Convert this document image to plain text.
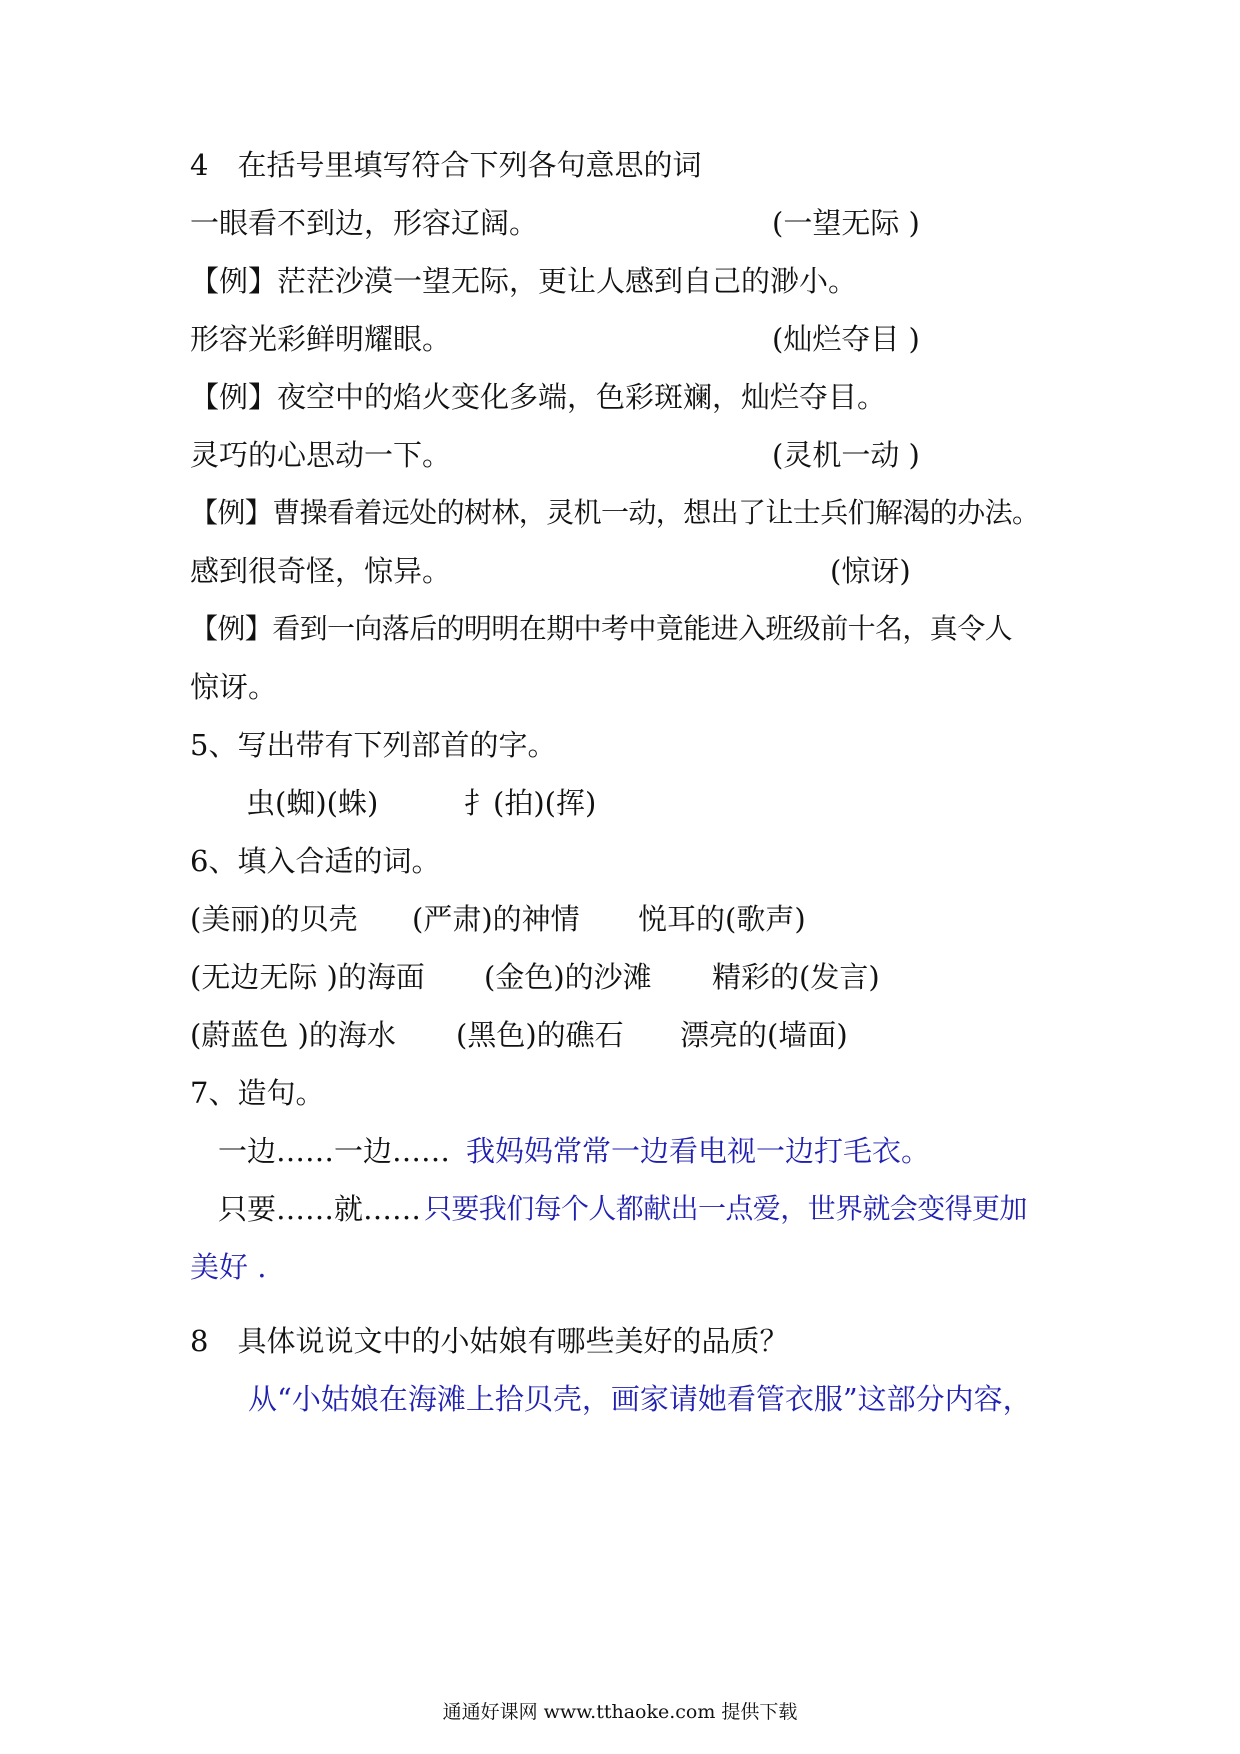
4　在括号里填写符合下列各句意思的词
一眼看不到边，形容辽阔。	(一望无际 )
【例】茫茫沙漠一望无际，更让人感到自己的渺小。
形容光彩鲜明耀眼。	(灿烂夺目 )
【例】夜空中的焰火变化多端，色彩斑斓，灿烂夺目。
灵巧的心思动一下。	(灵机一动 )
【例】曹操看着远处的树林，灵机一动，想出了让士兵们解渴的办法。
感到很奇怪，惊异。	(惊讶)
【例】看到一向落后的明明在期中考中竟能进入班级前十名，真令人
惊讶。
5、写出带有下列部首的字。
虫(蜘)(蛛)	扌(拍)(挥)
6、填入合适的词。
(美丽)的贝壳 (严肃)的神情 悦耳的(歌声)
(无边无际 )的海面 (金色)的沙滩 精彩的(发言)
(蔚蓝色 )的海水 (黑色)的礁石 漂亮的(墙面)
7、造句。
一边……一边…… 我妈妈常常一边看电视一边打毛衣。
只要……就…… 只要我们每个人都献出一点爱，世界就会变得更加
美好 .
8　具体说说文中的小姑娘有哪些美好的品质？
从“小姑娘在海滩上拾贝壳，画家请她看管衣服”这部分内容，
通通好课网 www.tthaoke.com 提供下载
